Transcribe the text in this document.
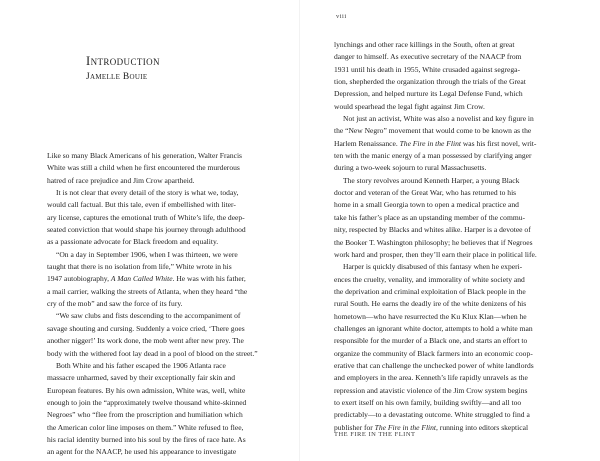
Introduction

Jamelle Bouie

Like so many Black Americans of his generation, Walter Francis
White was still a child when he first encountered the murderous
hatred of race prejudice and Jim Crow apartheid.
It is not clear that every detail of the story is what we, today,
would call factual. But this tale, even if embellished with liter-
ary license, captures the emotional truth of White’s life, the deep-
seated conviction that would shape his journey through adulthood
as a passionate advocate for Black freedom and equality.
“On a day in September 1906, when I was thirteen, we were
taught that there is no isolation from life,” White wrote in his
1947 autobiography, A Man Called White. He was with his father,
a mail carrier, walking the streets of Atlanta, when they heard “the
cry of the mob” and saw the force of its fury.
“We saw clubs and fists descending to the accompaniment of
savage shouting and cursing. Suddenly a voice cried, ‘There goes
another nigger!’ Its work done, the mob went after new prey. The
body with the withered foot lay dead in a pool of blood on the street.”
Both White and his father escaped the 1906 Atlanta race
massacre unharmed, saved by their exceptionally fair skin and
European features. By his own admission, White was, well, white
enough to join the “approximately twelve thousand white-skinned
Negroes” who “flee from the proscription and humiliation which
the American color line imposes on them.” White refused to flee,
his racial identity burned into his soul by the fires of race hate. As
an agent for the NAACP, he used his appearance to investigate

viii

lynchings and other race killings in the South, often at great
danger to himself. As executive secretary of the NAACP from
1931 until his death in 1955, White crusaded against segrega-
tion, shepherded the organization through the trials of the Great
Depression, and helped nurture its Legal Defense Fund, which
would spearhead the legal fight against Jim Crow.
Not just an activist, White was also a novelist and key figure in
the “New Negro” movement that would come to be known as the
Harlem Renaissance. The Fire in the Flint was his first novel, writ-
ten with the manic energy of a man possessed by clarifying anger
during a two-week sojourn to rural Massachusetts.
The story revolves around Kenneth Harper, a young Black
doctor and veteran of the Great War, who has returned to his
home in a small Georgia town to open a medical practice and
take his father’s place as an upstanding member of the commu-
nity, respected by Blacks and whites alike. Harper is a devotee of
the Booker T. Washington philosophy; he believes that if Negroes
work hard and prosper, then they’ll earn their place in political life.
Harper is quickly disabused of this fantasy when he experi-
ences the cruelty, venality, and immorality of white society and
the deprivation and criminal exploitation of Black people in the
rural South. He earns the deadly ire of the white denizens of his
hometown—who have resurrected the Ku Klux Klan—when he
challenges an ignorant white doctor, attempts to hold a white man
responsible for the murder of a Black one, and starts an effort to
organize the community of Black farmers into an economic coop-
erative that can challenge the unchecked power of white landlords
and employers in the area. Kenneth’s life rapidly unravels as the
repression and atavistic violence of the Jim Crow system begins
to exert itself on his own family, building swiftly—and all too
predictably—to a devastating outcome. White struggled to find a
publisher for The Fire in the Flint, running into editors skeptical

THE FIRE IN THE FLINT
